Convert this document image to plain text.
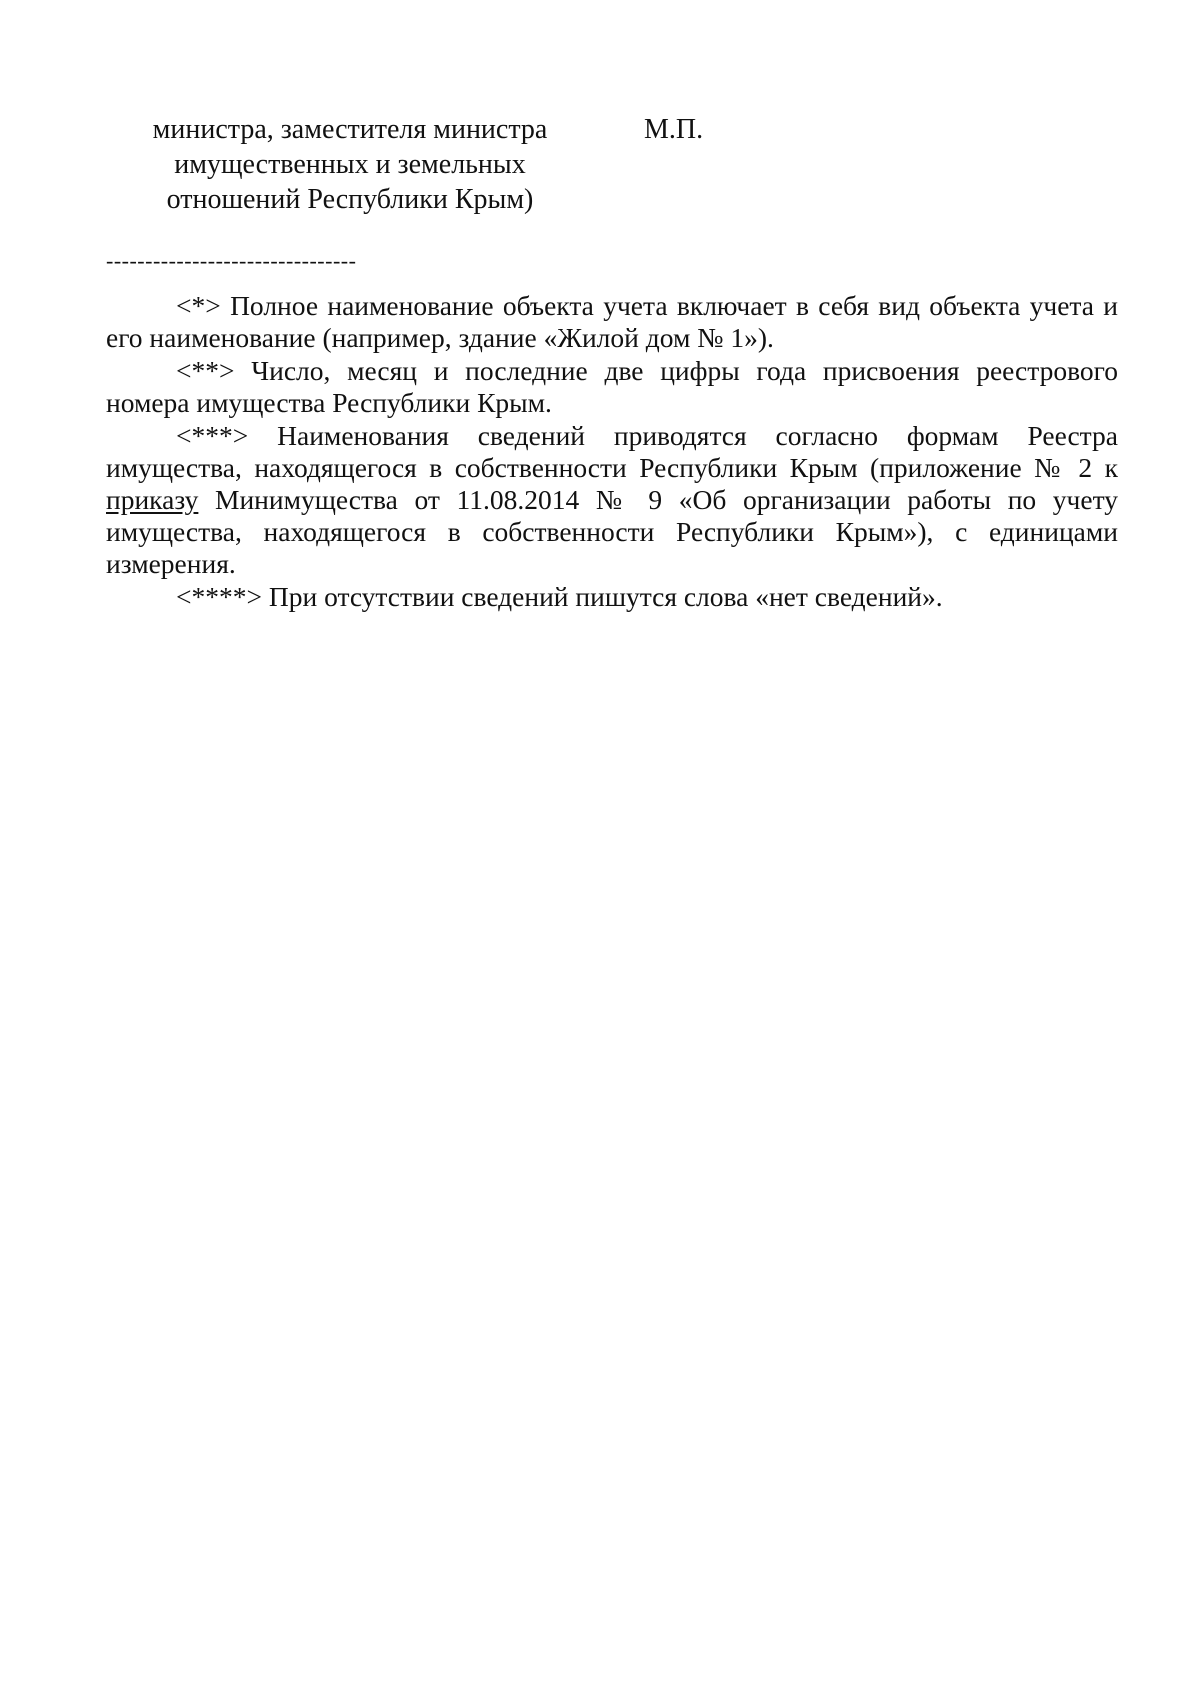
министра, заместителя министра
имущественных и земельных
отношений Республики Крым)
М.П.
--------------------------------

<*> Полное наименование объекта учета включает в себя вид объекта учета и его наименование (например, здание «Жилой дом № 1»).

<**> Число, месяц и последние две цифры года присвоения реестрового номера имущества Республики Крым.

<***> Наименования сведений приводятся согласно формам Реестра имущества, находящегося в собственности Республики Крым (приложение № 2 к приказу Минимущества от 11.08.2014 № 9 «Об организации работы по учету имущества, находящегося в собственности Республики Крым»), с единицами измерения.

<****> При отсутствии сведений пишутся слова «нет сведений».
